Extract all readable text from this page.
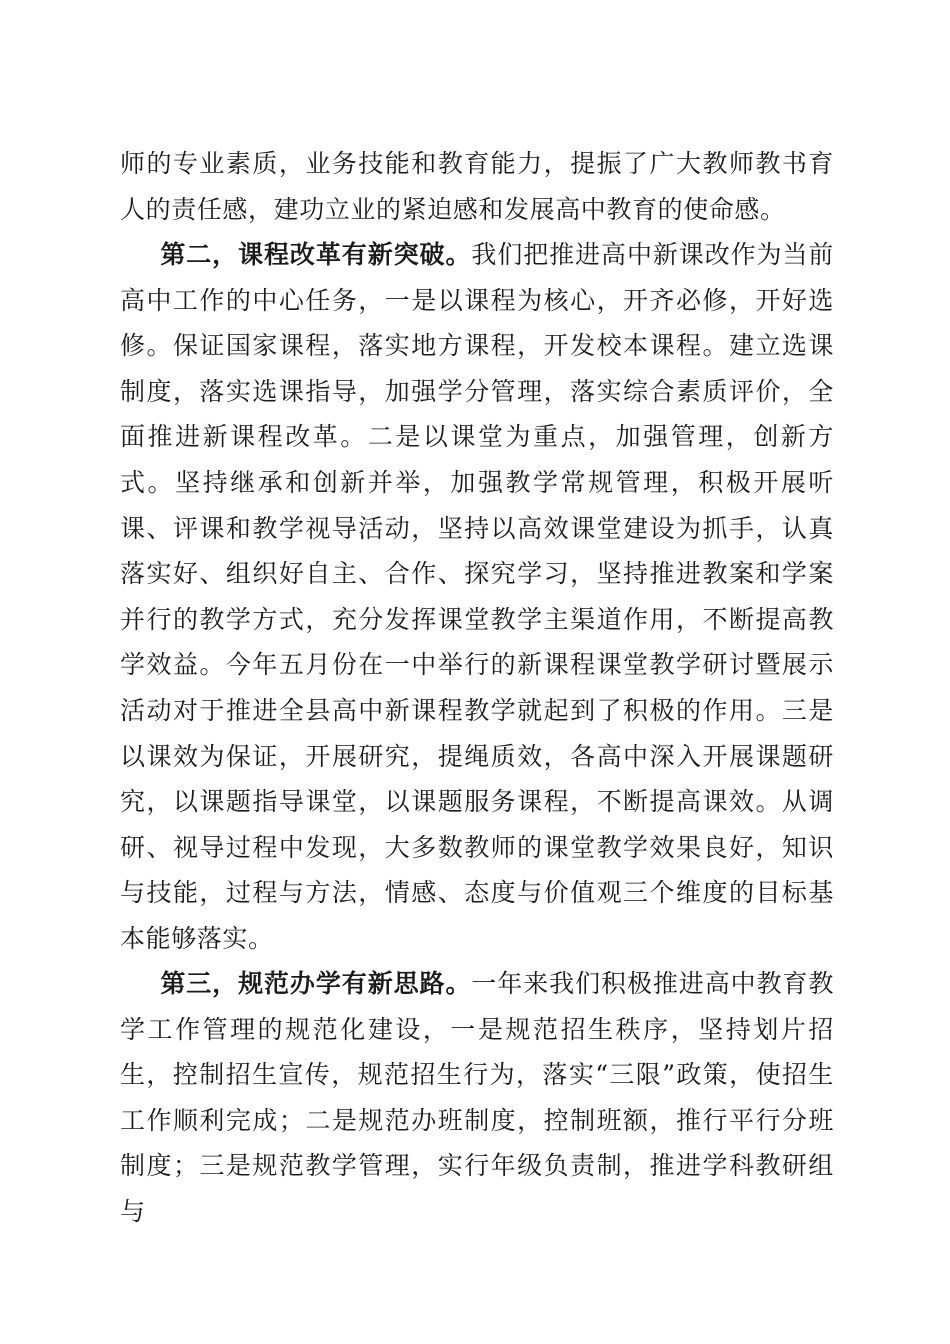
师的专业素质，业务技能和教育能力，提振了广大教师教书育人的责任感，建功立业的紧迫感和发展高中教育的使命感。

第二，课程改革有新突破。我们把推进高中新课改作为当前高中工作的中心任务，一是以课程为核心，开齐必修，开好选修。保证国家课程，落实地方课程，开发校本课程。建立选课制度，落实选课指导，加强学分管理，落实综合素质评价，全面推进新课程改革。二是以课堂为重点，加强管理，创新方式。坚持继承和创新并举，加强教学常规管理，积极开展听课、评课和教学视导活动，坚持以高效课堂建设为抓手，认真落实好、组织好自主、合作、探究学习，坚持推进教案和学案并行的教学方式，充分发挥课堂教学主渠道作用，不断提高教学效益。今年五月份在一中举行的新课程课堂教学研讨暨展示活动对于推进全县高中新课程教学就起到了积极的作用。三是以课效为保证，开展研究，提绳质效，各高中深入开展课题研究，以课题指导课堂，以课题服务课程，不断提高课效。从调研、视导过程中发现，大多数教师的课堂教学效果良好，知识与技能，过程与方法，情感、态度与价值观三个维度的目标基本能够落实。

第三，规范办学有新思路。一年来我们积极推进高中教育教学工作管理的规范化建设，一是规范招生秩序，坚持划片招生，控制招生宣传，规范招生行为，落实“三限”政策，使招生工作顺利完成；二是规范办班制度，控制班额，推行平行分班制度；三是规范教学管理，实行年级负责制，推进学科教研组与
